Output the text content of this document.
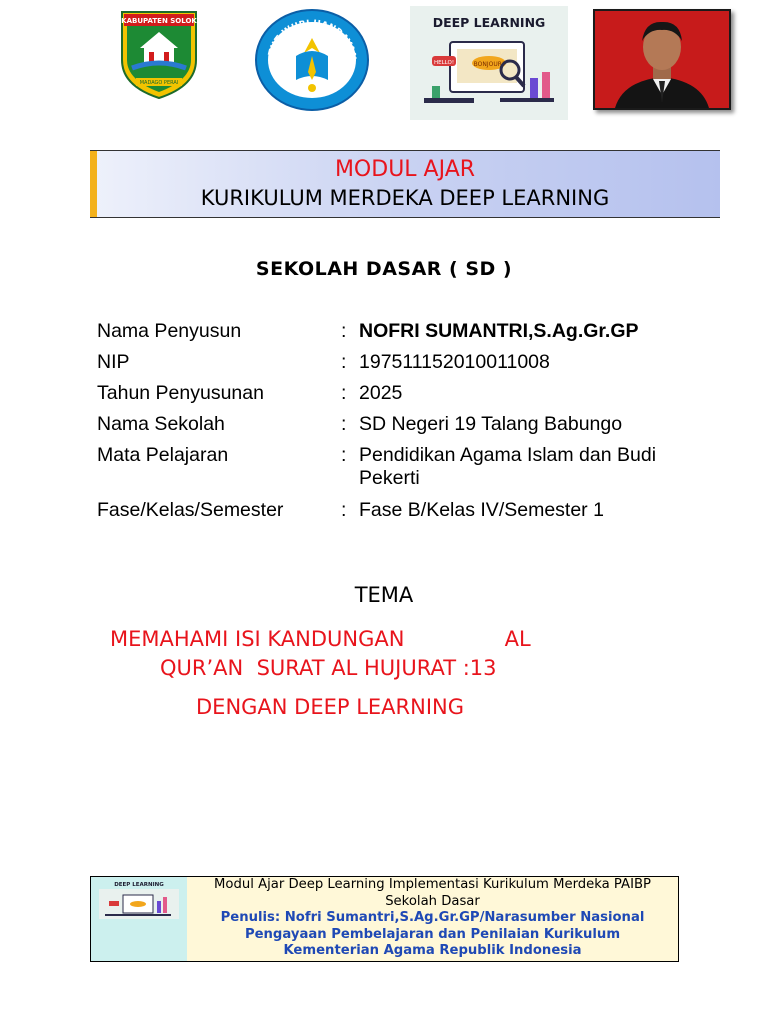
KABUPATEN SOLOK
MADAGO PERAI
TUT WURI HANDAYAN
DEEP LEARNING
BONJOUR!
HELLO!
MODUL AJAR
KURIKULUM MERDEKA DEEP LEARNING
SEKOLAH DASAR ( SD )
Nama Penyusun	: NOFRI SUMANTRI,S.Ag.Gr.GP
NIP	: 197511152010011008
Tahun Penyusunan	: 2025
Nama Sekolah	: SD Negeri 19 Talang Babungo
Mata Pelajaran	: Pendidikan Agama Islam dan Budi Pekerti
Fase/Kelas/Semester	: Fase B/Kelas IV/Semester 1
TEMA
MEMAHAMI ISI KANDUNGAN               AL
QUR’AN  SURAT AL HUJURAT :13
DENGAN DEEP LEARNING
DEEP LEARNING	Modul Ajar Deep Learning Implementasi Kurikulum Merdeka PAIBP
Sekolah Dasar
Penulis: Nofri Sumantri,S.Ag.Gr.GP/Narasumber Nasional
Pengayaan Pembelajaran dan Penilaian Kurikulum
Kementerian Agama Republik Indonesia
